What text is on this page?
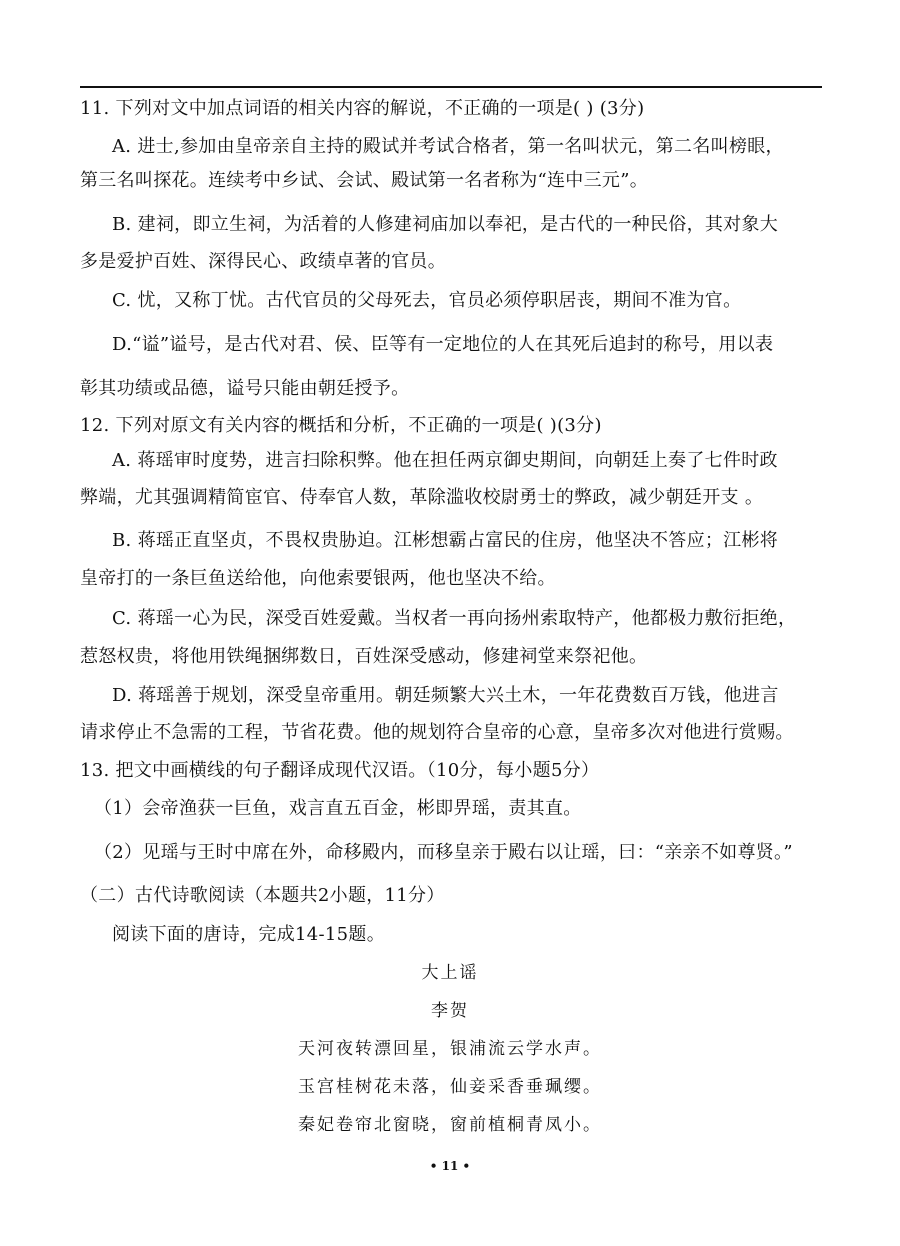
11. 下列对文中加点词语的相关内容的解说，不正确的一项是( ) (3分)
A. 进士,参加由皇帝亲自主持的殿试并考试合格者，第一名叫状元，第二名叫榜眼，
第三名叫探花。连续考中乡试、会试、殿试第一名者称为“连中三元”。
B. 建祠，即立生祠，为活着的人修建祠庙加以奉祀，是古代的一种民俗，其对象大
多是爱护百姓、深得民心、政绩卓著的官员。
C. 忧，又称丁忧。古代官员的父母死去，官员必须停职居丧，期间不准为官。
D.“谥”谥号，是古代对君、侯、臣等有一定地位的人在其死后追封的称号，用以表
彰其功绩或品德，谥号只能由朝廷授予。
12. 下列对原文有关内容的概括和分析，不正确的一项是( )(3分)
A. 蒋瑶审时度势，进言扫除积弊。他在担任两京御史期间，向朝廷上奏了七件时政
弊端，尤其强调精简宦官、侍奉官人数，革除滥收校尉勇士的弊政，减少朝廷开支 。
B. 蒋瑶正直坚贞，不畏权贵胁迫。江彬想霸占富民的住房，他坚决不答应；江彬将
皇帝打的一条巨鱼送给他，向他索要银两，他也坚决不给。
C. 蒋瑶一心为民，深受百姓爱戴。当权者一再向扬州索取特产，他都极力敷衍拒绝，
惹怒权贵，将他用铁绳捆绑数日，百姓深受感动，修建祠堂来祭祀他。
D. 蒋瑶善于规划，深受皇帝重用。朝廷频繁大兴土木，一年花费数百万钱，他进言
请求停止不急需的工程，节省花费。他的规划符合皇帝的心意，皇帝多次对他进行赏赐。
13. 把文中画横线的句子翻译成现代汉语。（10分，每小题5分）
（1）会帝渔获一巨鱼，戏言直五百金，彬即畀瑶，责其直。
（2）见瑶与王时中席在外，命移殿内，而移皇亲于殿右以让瑶，曰：“亲亲不如尊贤。”
（二）古代诗歌阅读（本题共2小题，11分）
阅读下面的唐诗，完成14-15题。
大上谣
李贺
天河夜转漂回星，银浦流云学水声。
玉宫桂树花未落，仙妾采香垂珮缨。
秦妃卷帘北窗晓，窗前植桐青凤小。
• 11 •
